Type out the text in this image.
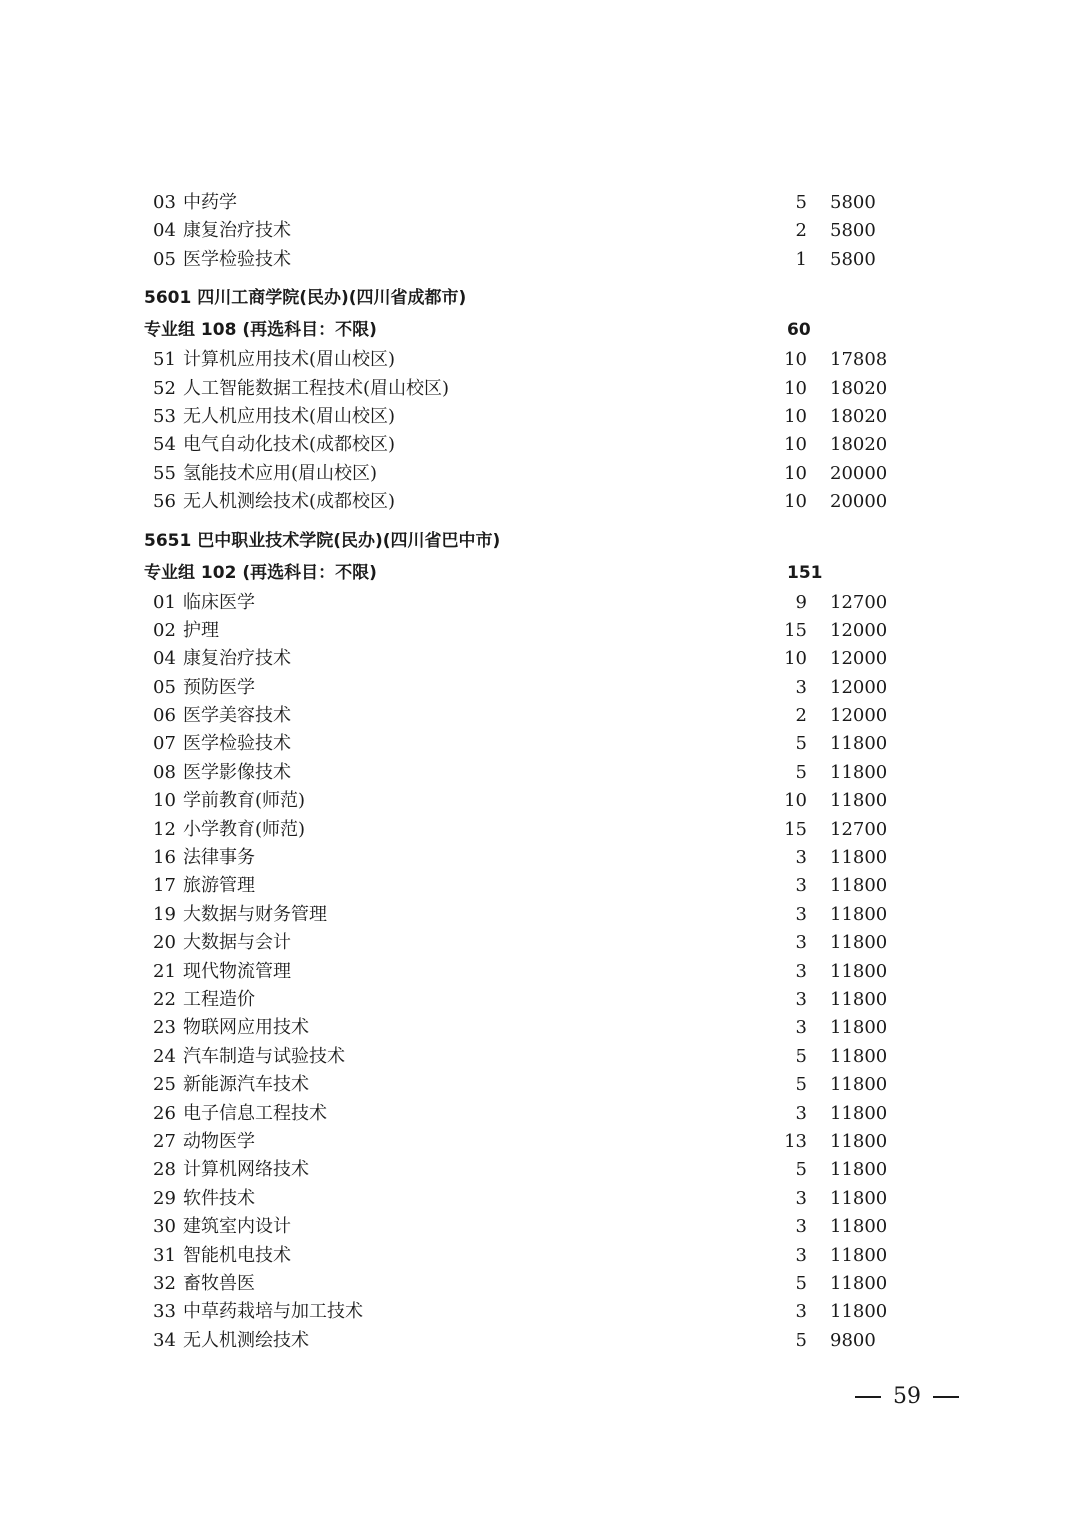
03 中药学	5 5800
04 康复治疗技术	2 5800
05 医学检验技术	1 5800
5601 四川工商学院(民办)(四川省成都市)
专业组 108 (再选科目：不限)	60
51 计算机应用技术(眉山校区)	10 17808
52 人工智能数据工程技术(眉山校区)	10 18020
53 无人机应用技术(眉山校区)	10 18020
54 电气自动化技术(成都校区)	10 18020
55 氢能技术应用(眉山校区)	10 20000
56 无人机测绘技术(成都校区)	10 20000
5651 巴中职业技术学院(民办)(四川省巴中市)
专业组 102 (再选科目：不限)	151
01 临床医学	9 12700
02 护理	15 12000
04 康复治疗技术	10 12000
05 预防医学	3 12000
06 医学美容技术	2 12000
07 医学检验技术	5 11800
08 医学影像技术	5 11800
10 学前教育(师范)	10 11800
12 小学教育(师范)	15 12700
16 法律事务	3 11800
17 旅游管理	3 11800
19 大数据与财务管理	3 11800
20 大数据与会计	3 11800
21 现代物流管理	3 11800
22 工程造价	3 11800
23 物联网应用技术	3 11800
24 汽车制造与试验技术	5 11800
25 新能源汽车技术	5 11800
26 电子信息工程技术	3 11800
27 动物医学	13 11800
28 计算机网络技术	5 11800
29 软件技术	3 11800
30 建筑室内设计	3 11800
31 智能机电技术	3 11800
32 畜牧兽医	5 11800
33 中草药栽培与加工技术	3 11800
34 无人机测绘技术	5 9800
59
